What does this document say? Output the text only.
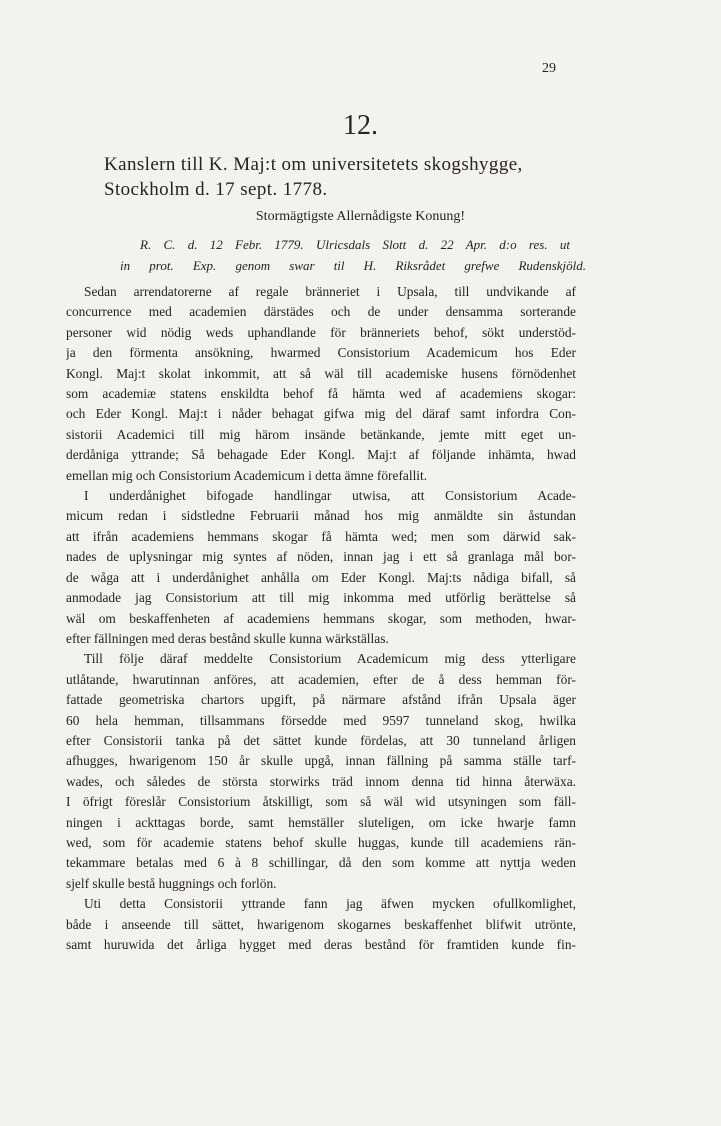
29
12.
Kanslern till K. Maj:t om universitetets skogshygge,
Stockholm d. 17 sept. 1778.
Stormägtigste Allernådigste Konung!
R. C. d. 12 Febr. 1779. Ulricsdals Slott d. 22 Apr. d:o res. ut
in prot. Exp. genom swar til H. Riksrådet grefwe Rudenskjöld.
Sedan arrendatorerne af regale bränneriet i Upsala, till undvikande af
concurrence med academien därstädes och de under densamma sorterande
personer wid nödig weds uphandlande för bränneriets behof, sökt understöd-
ja den förmenta ansökning, hwarmed Consistorium Academicum hos Eder
Kongl. Maj:t skolat inkommit, att så wäl till academiske husens förnödenhet
som academiæ statens enskildta behof få hämta wed af academiens skogar:
och Eder Kongl. Maj:t i nåder behagat gifwa mig del däraf samt infordra Con-
sistorii Academici till mig härom insände betänkande, jemte mitt eget un-
derdåniga yttrande; Så behagade Eder Kongl. Maj:t af följande inhämta, hwad
emellan mig och Consistorium Academicum i detta ämne förefallit.
I underdånighet bifogade handlingar utwisa, att Consistorium Acade-
micum redan i sidstledne Februarii månad hos mig anmäldte sin åstundan
att ifrån academiens hemmans skogar få hämta wed; men som därwid sak-
nades de uplysningar mig syntes af nöden, innan jag i ett så granlaga mål bor-
de wåga att i underdånighet anhålla om Eder Kongl. Maj:ts nådiga bifall, så
anmodade jag Consistorium att till mig inkomma med utförlig berättelse så
wäl om beskaffenheten af academiens hemmans skogar, som methoden, hwar-
efter fällningen med deras bestånd skulle kunna wärkställas.
Till följe däraf meddelte Consistorium Academicum mig dess ytterligare
utlåtande, hwarutinnan anföres, att academien, efter de å dess hemman för-
fattade geometriska chartors upgift, på närmare afstånd ifrån Upsala äger
60 hela hemman, tillsammans försedde med 9597 tunneland skog, hwilka
efter Consistorii tanka på det sättet kunde fördelas, att 30 tunneland årligen
afhugges, hwarigenom 150 år skulle upgå, innan fällning på samma ställe tarf-
wades, och således de största storwirks träd innom denna tid hinna återwäxa.
I öfrigt föreslår Consistorium åtskilligt, som så wäl wid utsyningen som fäll-
ningen i ackttagas borde, samt hemställer sluteligen, om icke hwarje famn
wed, som för academie statens behof skulle huggas, kunde till academiens rän-
tekammare betalas med 6 à 8 schillingar, då den som komme att nyttja weden
sjelf skulle bestå huggnings och forlön.
Uti detta Consistorii yttrande fann jag äfwen mycken ofullkomlighet,
både i anseende till sättet, hwarigenom skogarnes beskaffenhet blifwit utrönte,
samt huruwida det årliga hygget med deras bestånd för framtiden kunde fin-
